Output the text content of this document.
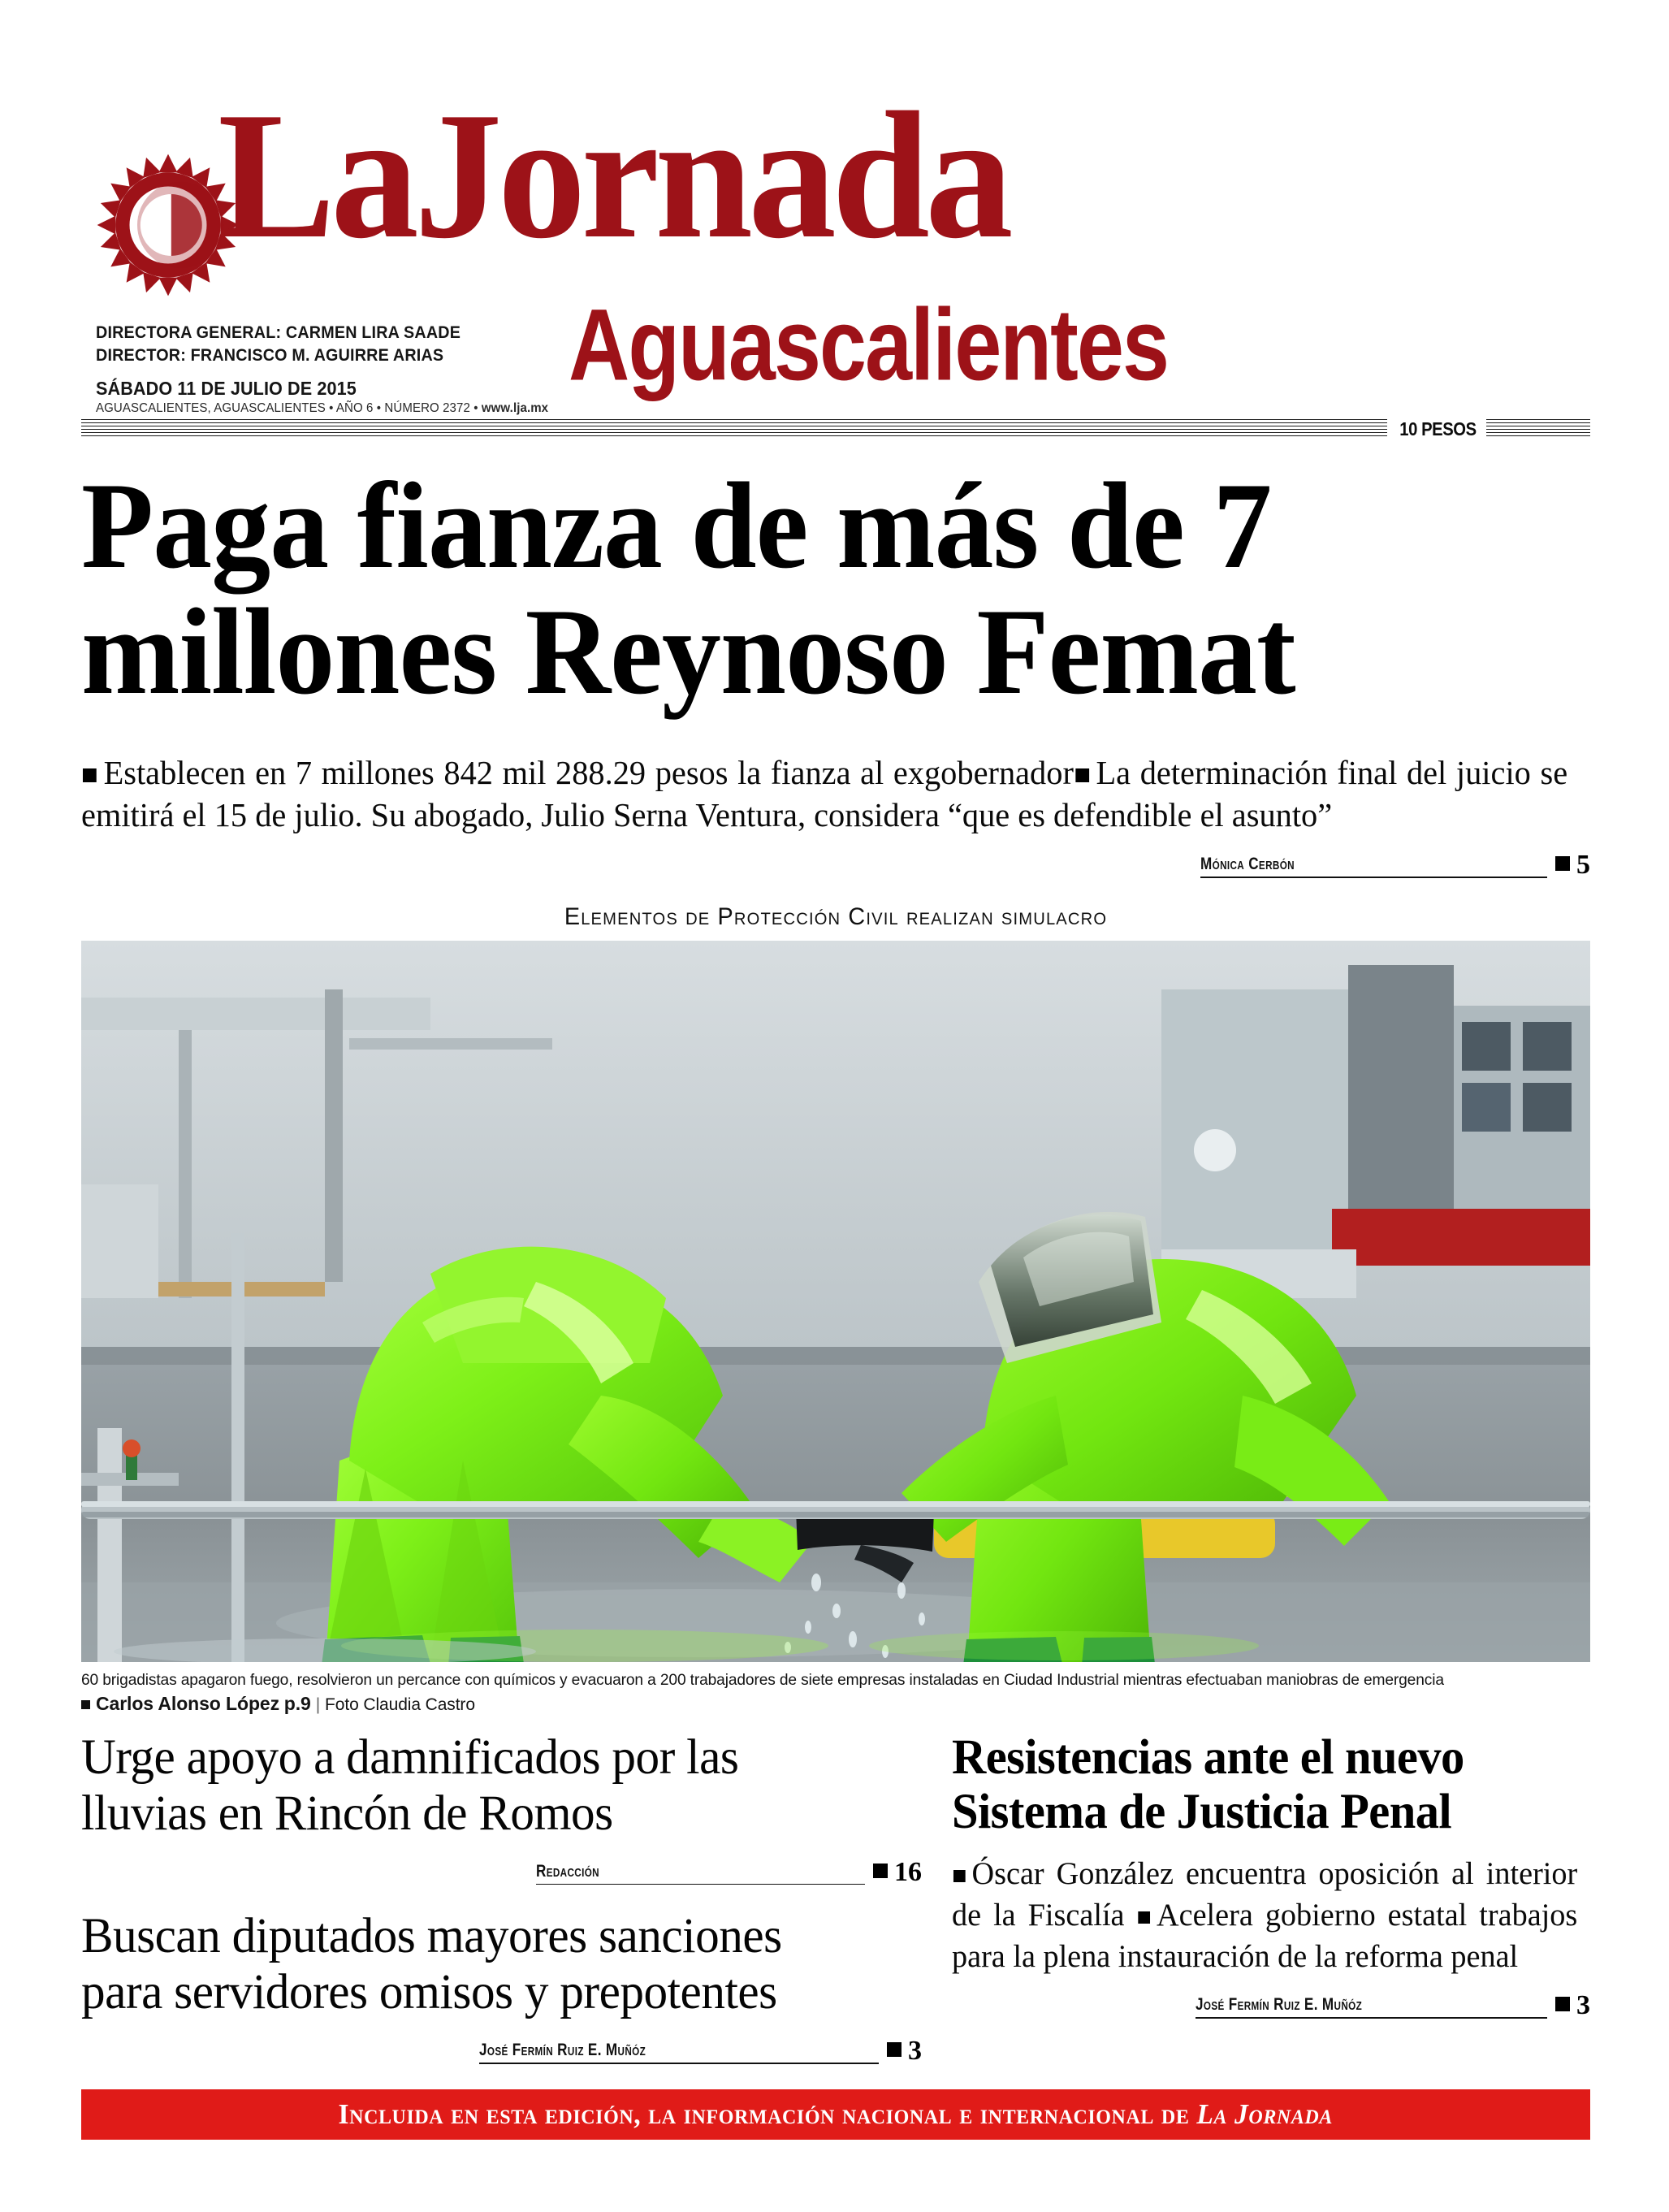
LaJornada
Aguascalientes
DIRECTORA GENERAL: CARMEN LIRA SAADE
DIRECTOR: FRANCISCO M. AGUIRRE ARIAS
SÁBADO 11 DE JULIO DE 2015
AGUASCALIENTES, AGUASCALIENTES • AÑO 6 • NÚMERO 2372 • www.lja.mx
10 PESOS
Paga fianza de más de 7
millones Reynoso Femat
Establecen en 7 millones 842 mil 288.29 pesos la fianza al exgobernador La determinación final del juicio se emitirá el 15 de julio. Su abogado, Julio Serna Ventura, considera “que es defendible el asunto”
Mónica Cerbón	5
Elementos de Protección Civil realizan simulacro
60 brigadistas apagaron fuego, resolvieron un percance con químicos y evacuaron a 200 trabajadores de siete empresas instaladas en Ciudad Industrial mientras efectuaban maniobras de emergencia
Carlos Alonso López p.9 | Foto Claudia Castro
Urge apoyo a damnificados por las
lluvias en Rincón de Romos
Redacción	16
Buscan diputados mayores sanciones
para servidores omisos y prepotentes
José Fermín Ruiz E. Muñóz	3
Resistencias ante el nuevo
Sistema de Justicia Penal
Óscar González encuentra oposición al interior de la Fiscalía Acelera gobierno estatal trabajos para la plena instauración de la reforma penal
José Fermín Ruiz E. Muñóz	3
Incluida en esta edición, la información nacional e internacional de La Jornada
